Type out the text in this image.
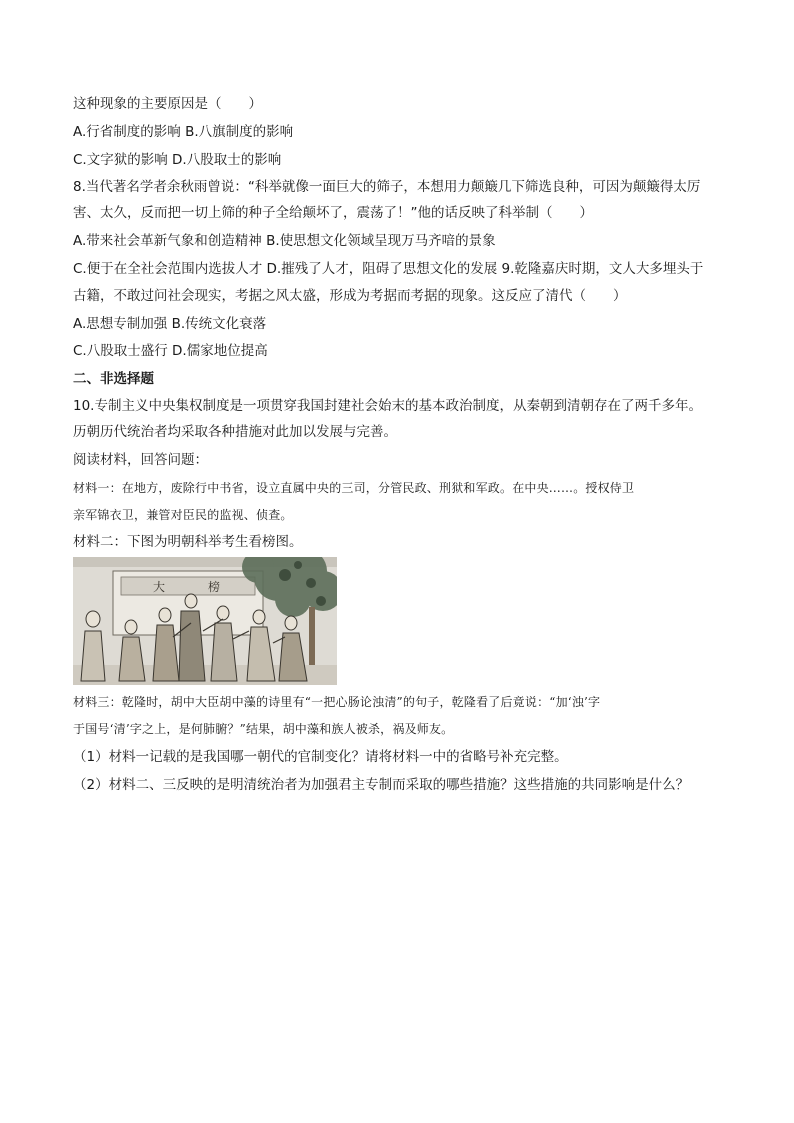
这种现象的主要原因是（　　）
A.行省制度的影响 B.八旗制度的影响
C.文字狱的影响 D.八股取士的影响
8.当代著名学者余秋雨曾说：“科举就像一面巨大的筛子，本想用力颠簸几下筛选良种，可因为颠簸得太厉
害、太久，反而把一切上筛的种子全给颠坏了，震荡了！”他的话反映了科举制（　　）
A.带来社会革新气象和创造精神 B.使思想文化领域呈现万马齐喑的景象
C.便于在全社会范围内选拔人才 D.摧残了人才，阻碍了思想文化的发展 9.乾隆嘉庆时期，文人大多埋头于
古籍，不敢过问社会现实，考据之风太盛，形成为考据而考据的现象。这反应了清代（　　）
A.思想专制加强 B.传统文化衰落
C.八股取士盛行 D.儒家地位提高
二、非选择题
10.专制主义中央集权制度是一项贯穿我国封建社会始末的基本政治制度，从秦朝到清朝存在了两千多年。
历朝历代统治者均采取各种措施对此加以发展与完善。
阅读材料，回答问题：
材料一：在地方，废除行中书省，设立直属中央的三司，分管民政、刑狱和军政。在中央……。授权侍卫
亲军锦衣卫，兼管对臣民的监视、侦查。
材料二：下图为明朝科举考生看榜图。
大	榜
材料三：乾隆时，胡中大臣胡中藻的诗里有“一把心肠论浊清”的句子，乾隆看了后竟说：“加‘浊’字
于国号‘清’字之上，是何肺腑？”结果，胡中藻和族人被杀，祸及师友。
（1）材料一记载的是我国哪一朝代的官制变化？请将材料一中的省略号补充完整。
（2）材料二、三反映的是明清统治者为加强君主专制而采取的哪些措施？这些措施的共同影响是什么？
